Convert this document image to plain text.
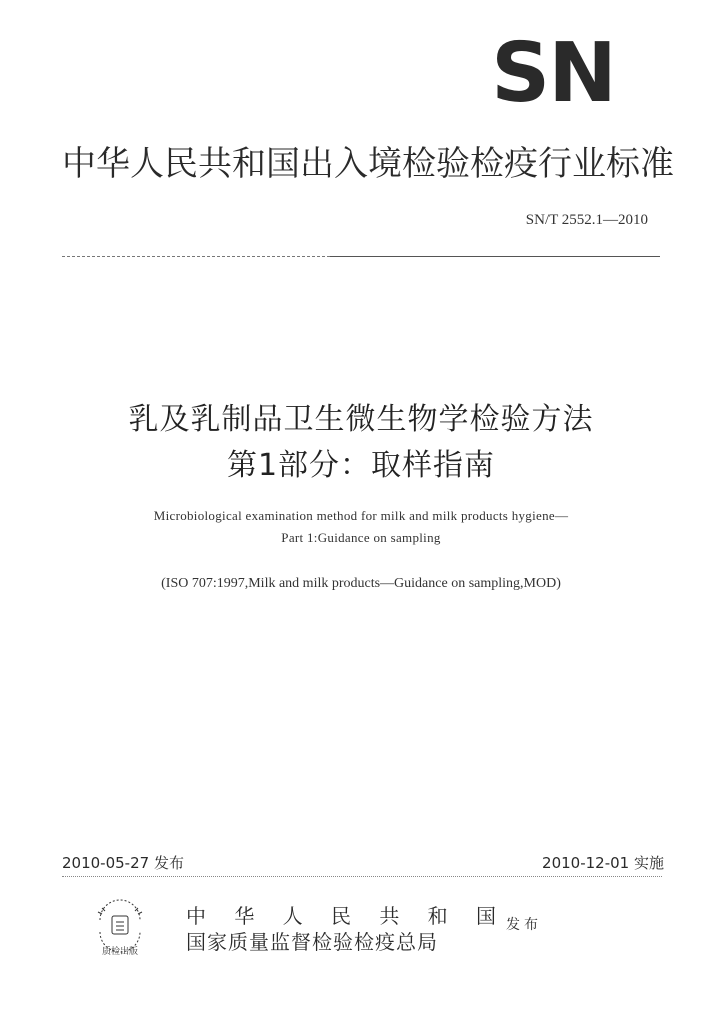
SN
中华人民共和国出入境检验检疫行业标准
SN/T 2552.1—2010
乳及乳制品卫生微生物学检验方法
第1部分：取样指南
Microbiological examination method for milk and milk products hygiene—
Part 1:Guidance on sampling
(ISO 707:1997,Milk and milk products—Guidance on sampling,MOD)
2010-05-27 发布	2010-12-01 实施
质检出版
中 华 人 民 共 和 国
国家质量监督检验检疫总局
发布
